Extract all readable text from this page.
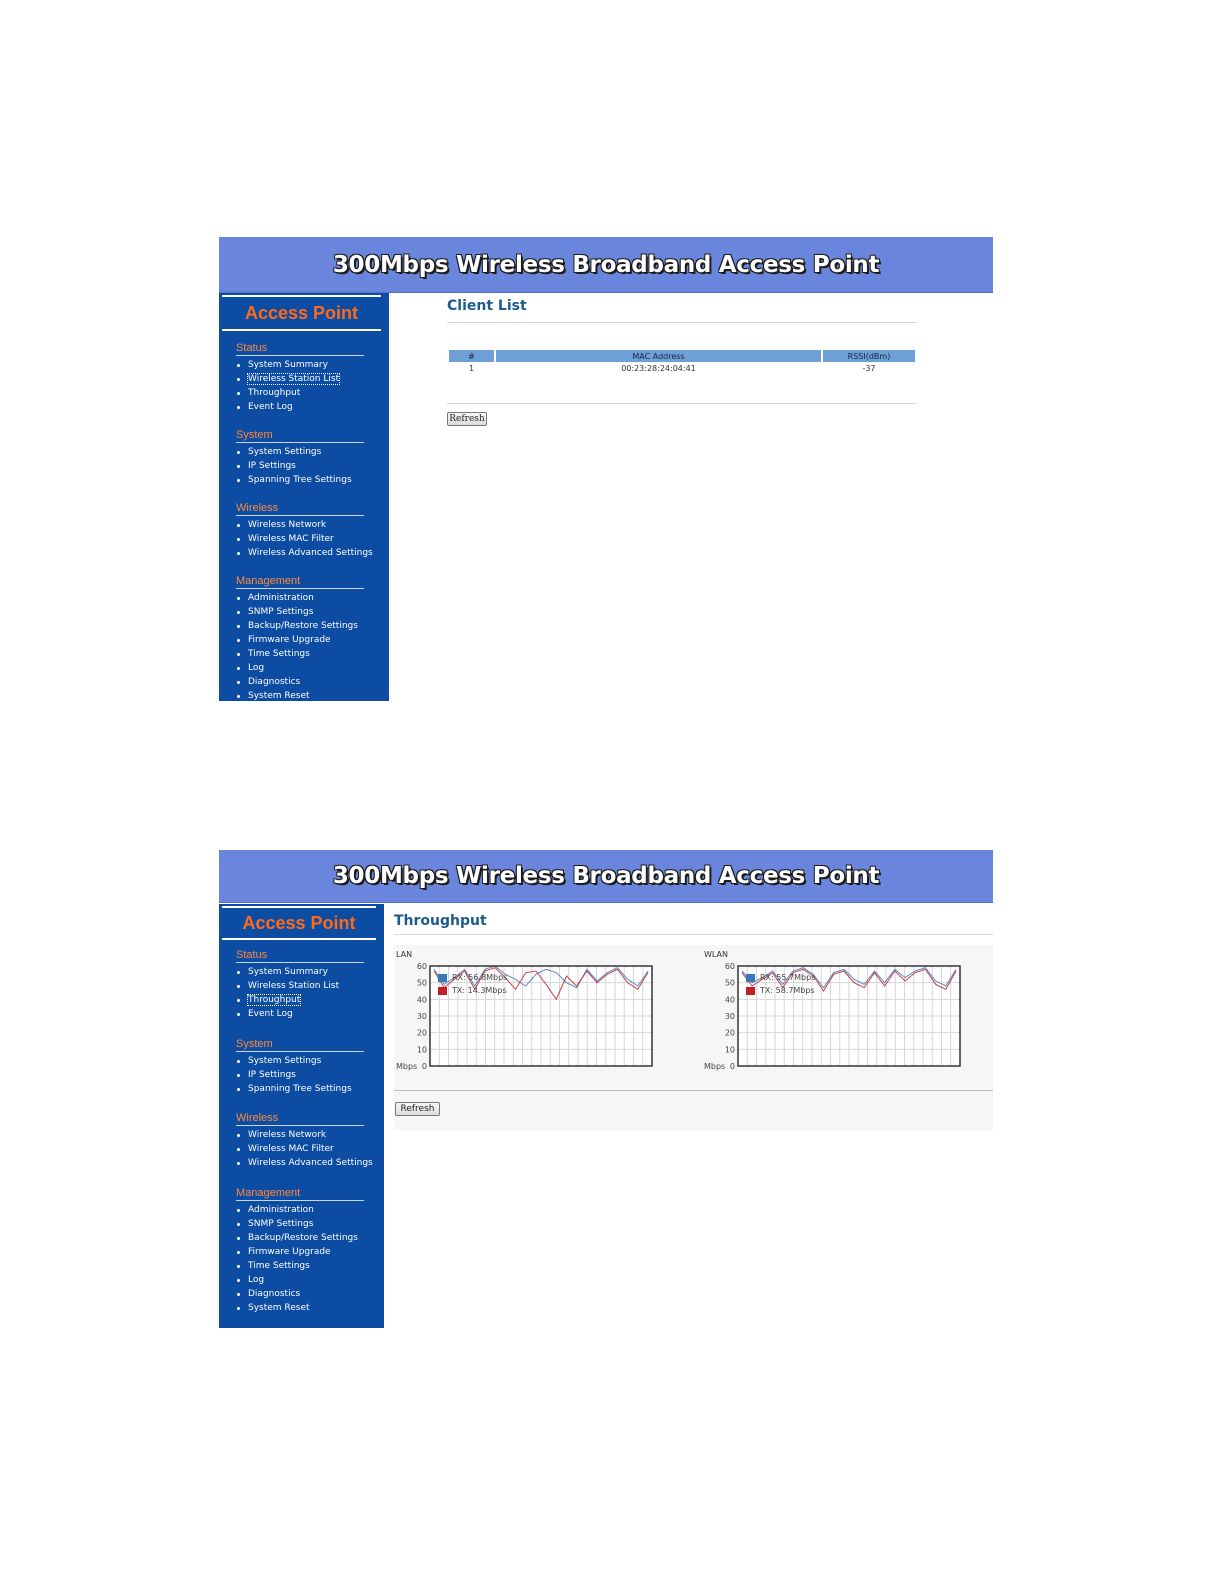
300Mbps Wireless Broadband Access Point
Access Point
Status
System Summary
Wireless Station List
Throughput
Event Log
System
System Settings
IP Settings
Spanning Tree Settings
Wireless
Wireless Network
Wireless MAC Filter
Wireless Advanced Settings
Management
Administration
SNMP Settings
Backup/Restore Settings
Firmware Upgrade
Time Settings
Log
Diagnostics
System Reset
Client List
#	MAC Address	RSSI(dBm)
1	00:23:28:24:04:41	-37
Refresh
300Mbps Wireless Broadband Access Point
Access Point
Status
System Summary
Wireless Station List
Throughput
Event Log
System
System Settings
IP Settings
Spanning Tree Settings
Wireless
Wireless Network
Wireless MAC Filter
Wireless Advanced Settings
Management
Administration
SNMP Settings
Backup/Restore Settings
Firmware Upgrade
Time Settings
Log
Diagnostics
System Reset
Throughput
LAN
60
50
40
30
20
10
0
Mbps
RX: 56.8Mbps
TX: 14.3Mbps
WLAN
60
50
40
30
20
10
0
Mbps
RX: 55.7Mbps
TX: 58.7Mbps
Refresh
